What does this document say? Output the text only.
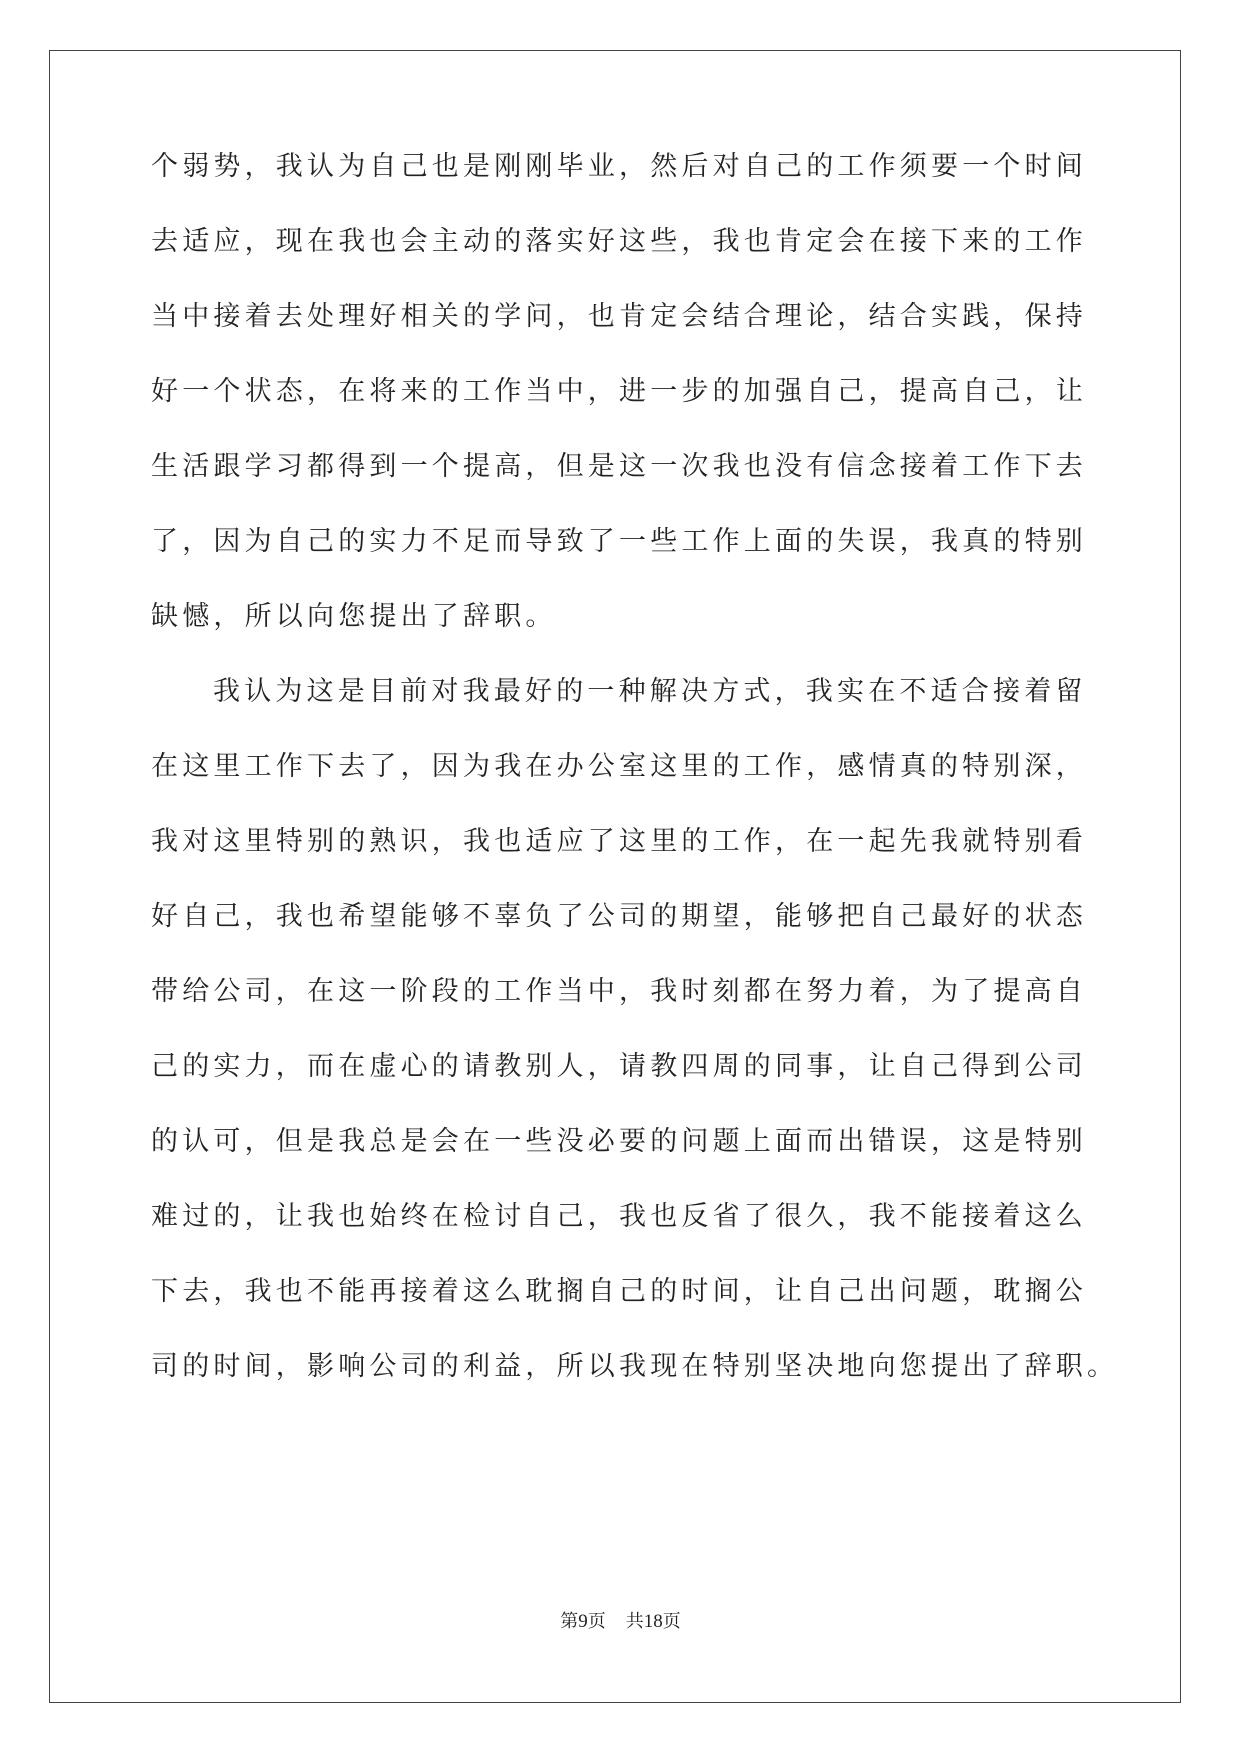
个弱势，我认为自己也是刚刚毕业，然后对自己的工作须要一个时间

去适应，现在我也会主动的落实好这些，我也肯定会在接下来的工作

当中接着去处理好相关的学问，也肯定会结合理论，结合实践，保持

好一个状态，在将来的工作当中，进一步的加强自己，提高自己，让

生活跟学习都得到一个提高，但是这一次我也没有信念接着工作下去

了，因为自己的实力不足而导致了一些工作上面的失误，我真的特别

缺憾，所以向您提出了辞职。

我认为这是目前对我最好的一种解决方式，我实在不适合接着留

在这里工作下去了，因为我在办公室这里的工作，感情真的特别深，

我对这里特别的熟识，我也适应了这里的工作，在一起先我就特别看

好自己，我也希望能够不辜负了公司的期望，能够把自己最好的状态

带给公司，在这一阶段的工作当中，我时刻都在努力着，为了提高自

己的实力，而在虚心的请教别人，请教四周的同事，让自己得到公司

的认可，但是我总是会在一些没必要的问题上面而出错误，这是特别

难过的，让我也始终在检讨自己，我也反省了很久，我不能接着这么

下去，我也不能再接着这么耽搁自己的时间，让自己出问题，耽搁公

司的时间，影响公司的利益，所以我现在特别坚决地向您提出了辞职。

第9页 共18页
